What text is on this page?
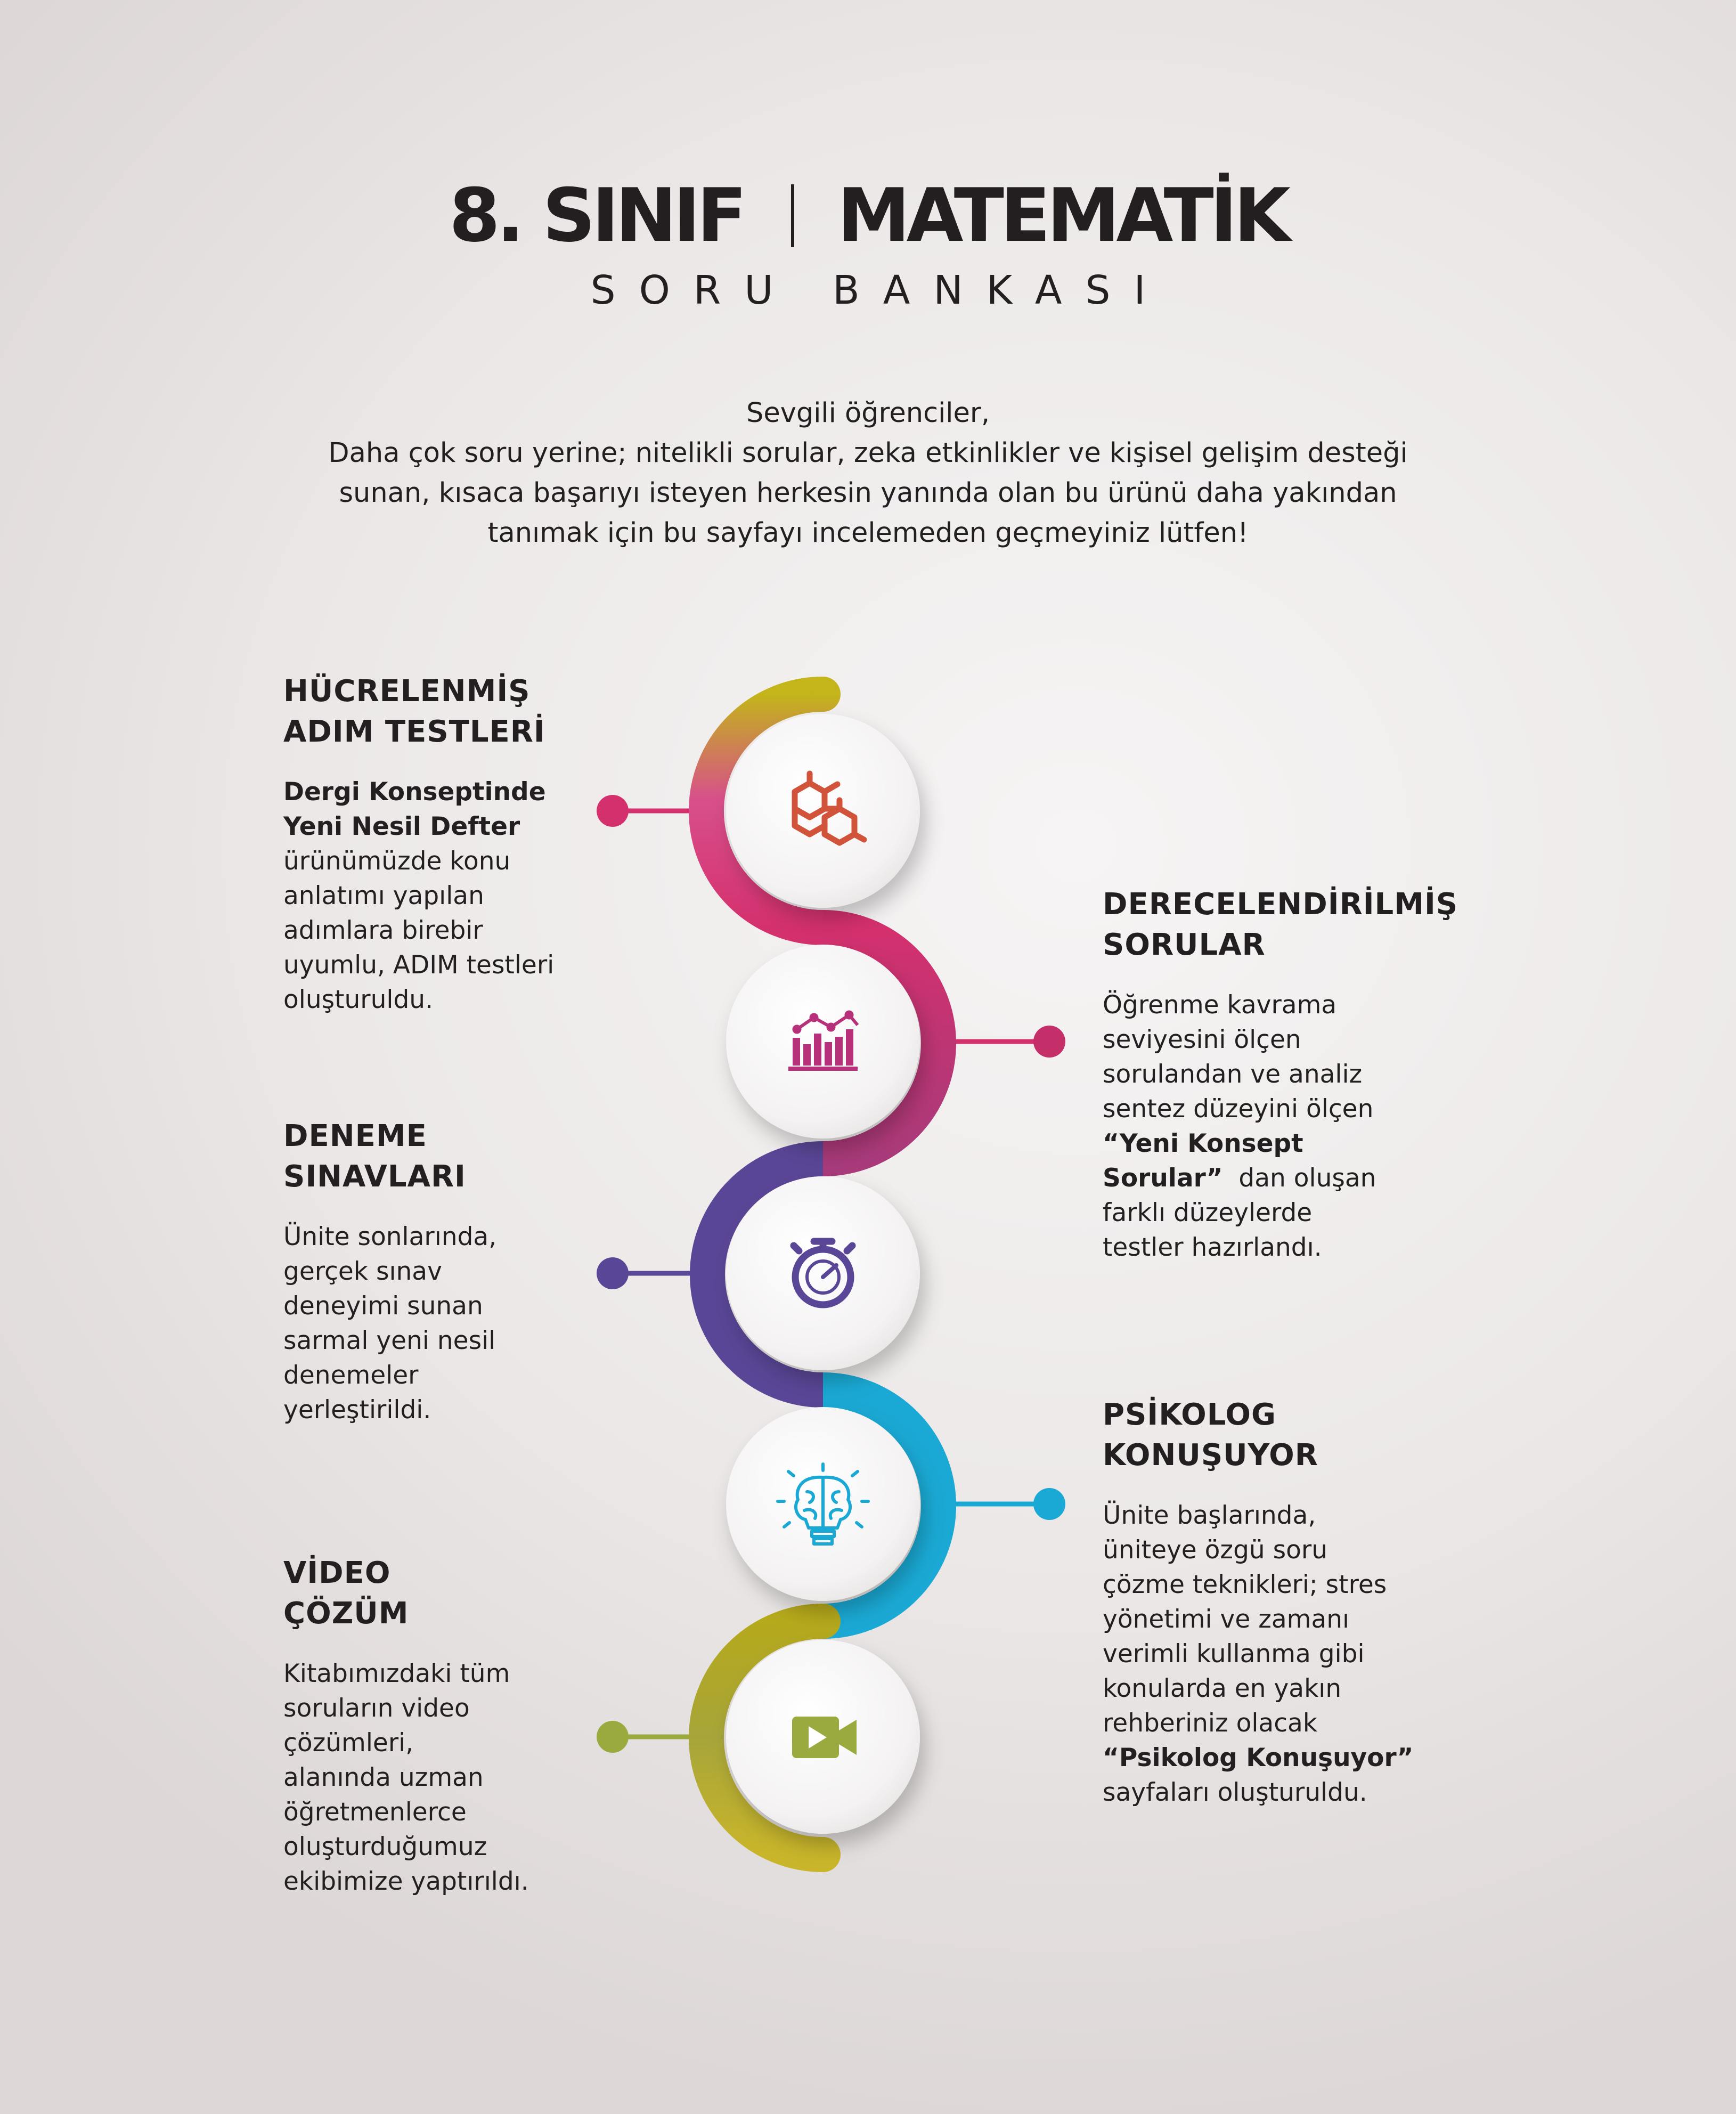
8. SINIF MATEMATİK
SORU BANKASI

Sevgili öğrenciler,

Daha çok soru yerine; nitelikli sorular, zeka etkinlikler ve kişisel gelişim desteği

sunan, kısaca başarıyı isteyen herkesin yanında olan bu ürünü daha yakından

tanımak için bu sayfayı incelemeden geçmeyiniz lütfen!

HÜCRELENMİŞ
ADIM TESTLERİ
Dergi Konseptinde
Yeni Nesil Defter
ürünümüzde konu
anlatımı yapılan
adımlara birebir
uyumlu, ADIM testleri
oluşturuldu.
DERECELENDİRİLMİŞ
SORULAR
Öğrenme kavrama
seviyesini ölçen
sorulandan ve analiz
sentez düzeyini ölçen
“Yeni Konsept
Sorular”  dan oluşan
farklı düzeylerde
testler hazırlandı.
DENEME
SINAVLARI
Ünite sonlarında,
gerçek sınav
deneyimi sunan
sarmal yeni nesil
denemeler
yerleştirildi.	PSİKOLOG
KONUŞUYOR
Ünite başlarında,
üniteye özgü soru
çözme teknikleri; stres
yönetimi ve zamanı
verimli kullanma gibi
konularda en yakın
rehberiniz olacak
“Psikolog Konuşuyor”
sayfaları oluşturuldu.
VİDEO
ÇÖZÜM
Kitabımızdaki tüm
soruların video
çözümleri,
alanında uzman
öğretmenlerce
oluşturduğumuz
ekibimize yaptırıldı.
